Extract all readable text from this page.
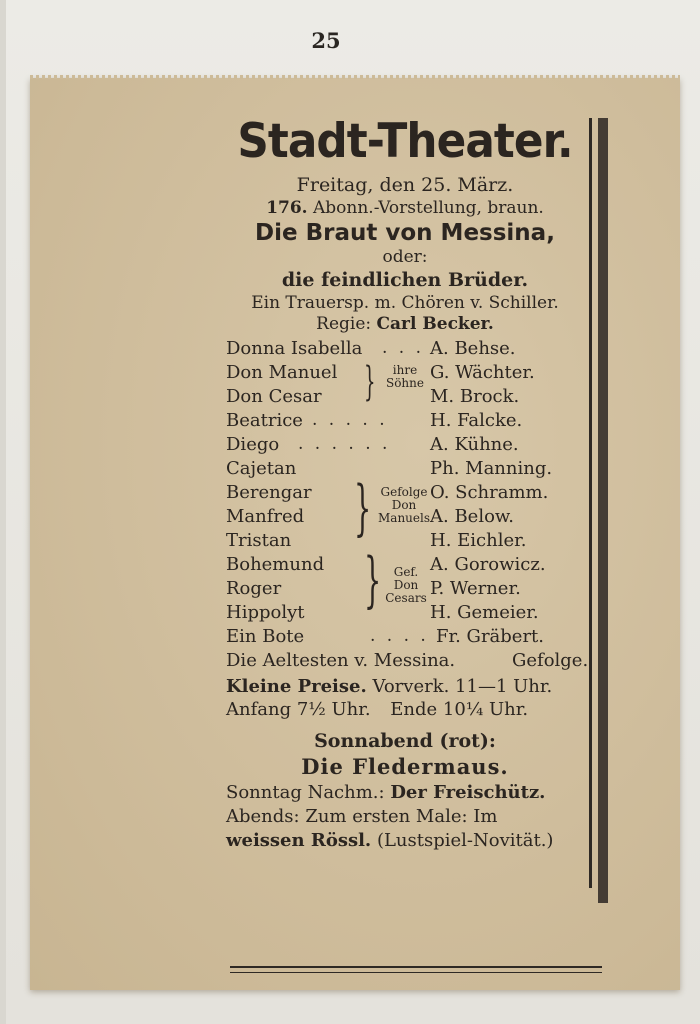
25
Stadt-Theater.
Freitag, den 25. März.
176. Abonn.-Vorstellung, braun.
Die Braut von Messina,
oder:
die feindlichen Brüder.
Ein Trauersp. m. Chören v. Schiller.
Regie: Carl Becker.
Donna Isabella . . . A. Behse.
Don Manuel	G. Wächter.
Don Cesar	M. Brock.
}	ihre
Söhne
Beatrice . . . . . H. Falcke.
Diego . . . . . . A. Kühne.
Cajetan	Ph. Manning.
Berengar	O. Schramm.
Manfred	A. Below.
Tristan	H. Eichler.
} Gefolge
Don
Manuels
Bohemund	A. Gorowicz.
Roger	P. Werner.
Hippolyt	H. Gemeier.
}	Gef. Don
Cesars
Ein Bote	. . . . Fr. Gräbert.
Die Aeltesten v. Messina.	Gefolge.
Kleine Preise. Vorverk. 11—1 Uhr.
Anfang 7½ Uhr. Ende 10¼ Uhr.
Sonnabend (rot):
Die Fledermaus.
Sonntag Nachm.: Der Freischütz.
Abends: Zum ersten Male: Im
weissen Rössl. (Lustspiel-Novität.)
